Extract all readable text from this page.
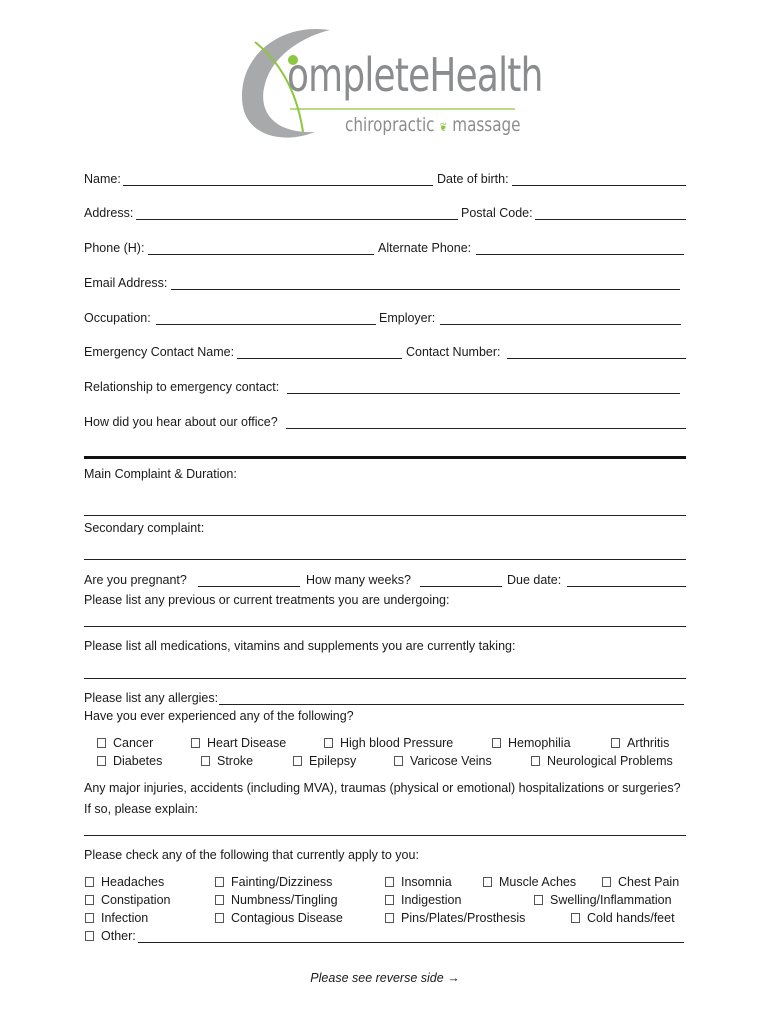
ompleteHealth
chiropractic ❦ massage
Name:	Date of birth:
Address:	Postal Code:
Phone (H):	Alternate Phone:
Email Address:
Occupation:	Employer:
Emergency Contact Name:	Contact Number:
Relationship to emergency contact:
How did you hear about our office?
Main Complaint & Duration:
Secondary complaint:
Are you pregnant?	How many weeks?	Due date:
Please list any previous or current treatments you are undergoing:
Please list all medications, vitamins and supplements you are currently taking:
Please list any allergies:
Have you ever experienced any of the following?
Cancer	Heart Disease	High blood Pressure	Hemophilia	Arthritis
Diabetes	Stroke	Epilepsy	Varicose Veins	Neurological Problems
Any major injuries, accidents (including MVA), traumas (physical or emotional) hospitalizations or surgeries?
If so, please explain:
Please check any of the following that currently apply to you:
Headaches	Fainting/Dizziness	Insomnia	Muscle Aches	Chest Pain
Constipation	Numbness/Tingling	Indigestion	Swelling/Inflammation
Infection	Contagious Disease	Pins/Plates/Prosthesis	Cold hands/feet
Other:
Please see reverse side →
